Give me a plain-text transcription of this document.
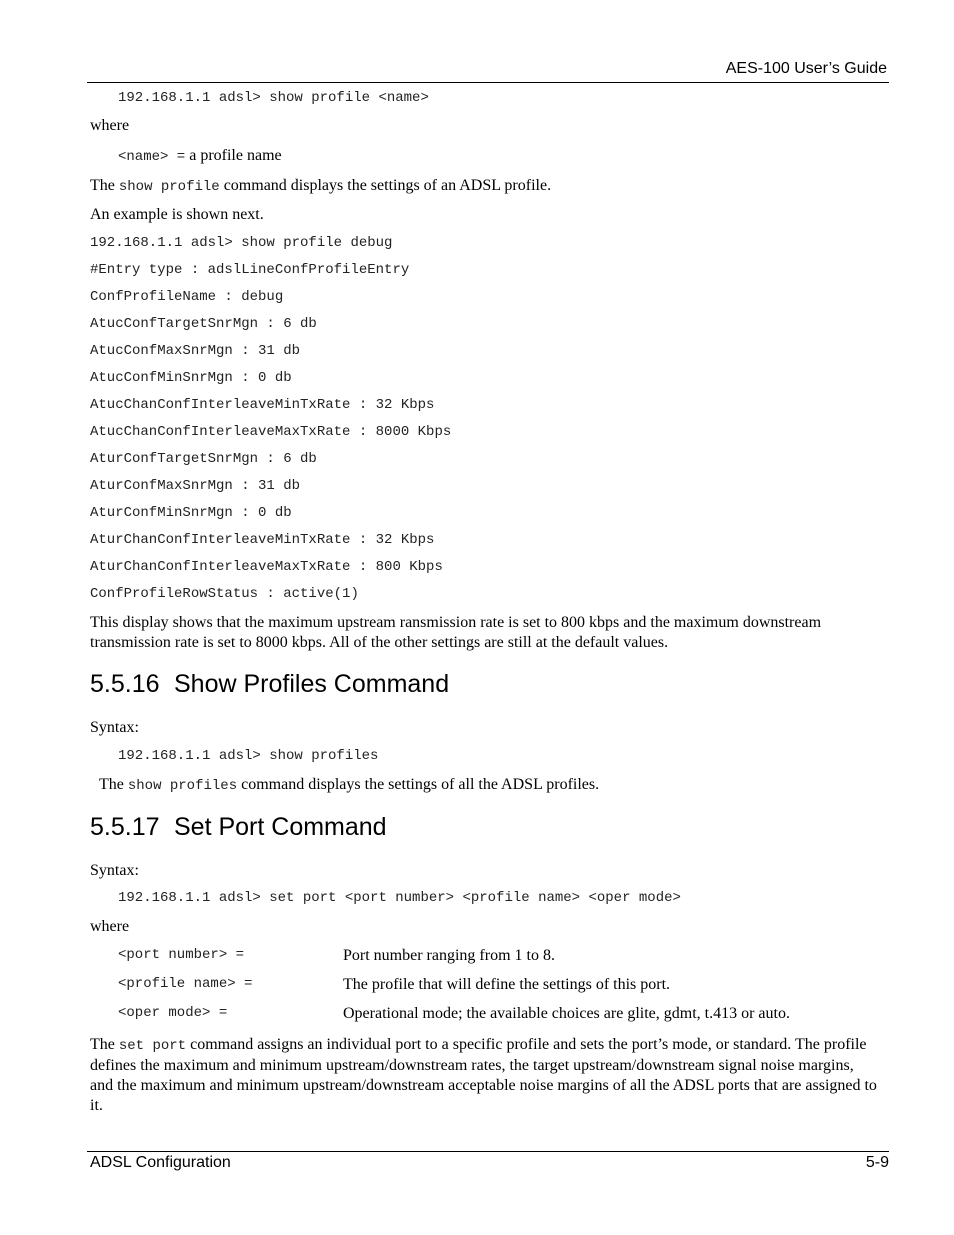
AES-100 User’s Guide
192.168.1.1 adsl> show profile <name>
where
<name> = a profile name
The show profile command displays the settings of an ADSL profile.
An example is shown next.
192.168.1.1 adsl> show profile debug
#Entry type : adslLineConfProfileEntry
ConfProfileName : debug
AtucConfTargetSnrMgn : 6 db
AtucConfMaxSnrMgn : 31 db
AtucConfMinSnrMgn : 0 db
AtucChanConfInterleaveMinTxRate : 32 Kbps
AtucChanConfInterleaveMaxTxRate : 8000 Kbps
AturConfTargetSnrMgn : 6 db
AturConfMaxSnrMgn : 31 db
AturConfMinSnrMgn : 0 db
AturChanConfInterleaveMinTxRate : 32 Kbps
AturChanConfInterleaveMaxTxRate : 800 Kbps
ConfProfileRowStatus : active(1)
This display shows that the maximum upstream ransmission rate is set to 800 kbps and the maximum downstream transmission rate is set to 8000 kbps. All of the other settings are still at the default values.
5.5.16 Show Profiles Command
Syntax:
192.168.1.1 adsl> show profiles
The show profiles command displays the settings of all the ADSL profiles.
5.5.17 Set Port Command
Syntax:
192.168.1.1 adsl> set port <port number> <profile name> <oper mode>
where
<port number> =	Port number ranging from 1 to 8.
<profile name> =	The profile that will define the settings of this port.
<oper mode> =	Operational mode; the available choices are glite, gdmt, t.413 or auto.
The set port command assigns an individual port to a specific profile and sets the port’s mode, or standard. The profile defines the maximum and minimum upstream/downstream rates, the target upstream/downstream signal noise margins, and the maximum and minimum upstream/downstream acceptable noise margins of all the ADSL ports that are assigned to it.
ADSL Configuration	5-9
